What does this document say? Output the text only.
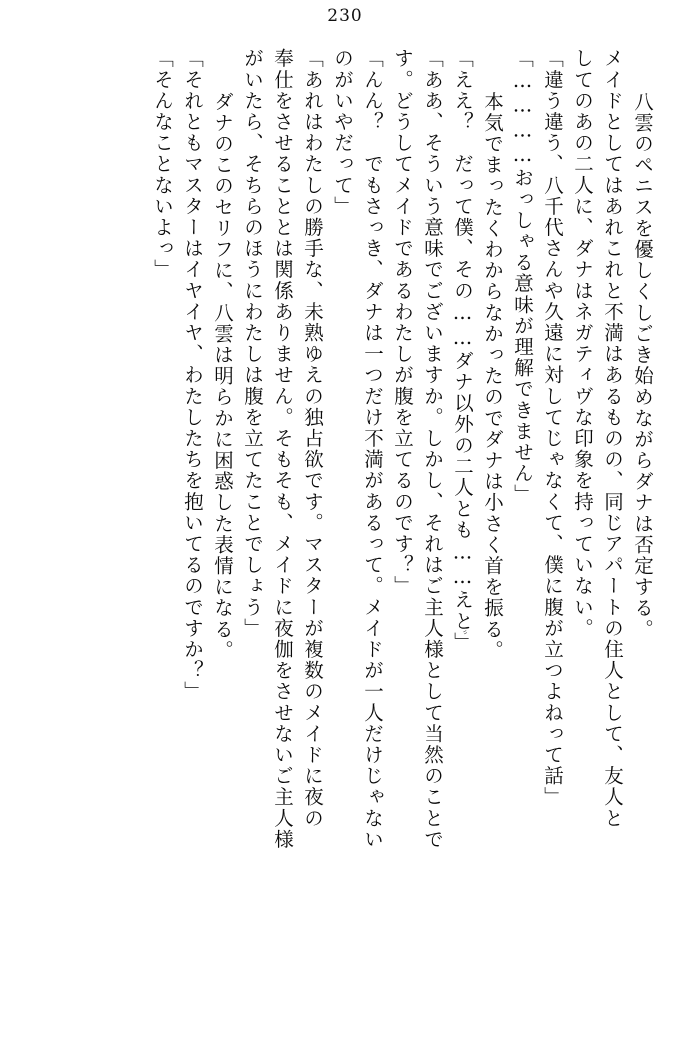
230
　八雲のペニスを優しくしごき始めながらダナは否定する。
メイドとしてはあれこれと不満はあるものの、同じアパートの住人として、友人と
してのあの二人に、ダナはネガティヴな印象を持っていない。
「違う違う、八千代さんや久遠に対してじゃなくて、僕に腹が立つよねって話」
「…………おっしゃる意味が理解できません」
　本気でまったくわからなかったのでダナは小さく首を振る。
「ええ？　だって僕、その……ダナ以外の二人とも……えؚؚと」
「ああ、そういう意味でございますか。しかし、それはご主人様として当然のことで
す。どうしてメイドであるわたしが腹を立てるのです？」
「んん？　でもさっき、ダナは一つだけ不満があるって。メイドが一人だけじゃない
のがいやだって」
「あれはわたしの勝手な、未熟ゆえの独占欲です。マスターが複数のメイドに夜の
奉仕をさせることとは関係ありません。そもそも、メイドに夜伽をさせないご主人様
がいたら、そちらのほうにわたしは腹を立てたことでしょう」
　ダナのこのセリフに、八雲は明らかに困惑した表情になる。
「それともマスターはイヤイヤ、わたしたちを抱いてるのですか？」
「そんなことないよっ」
